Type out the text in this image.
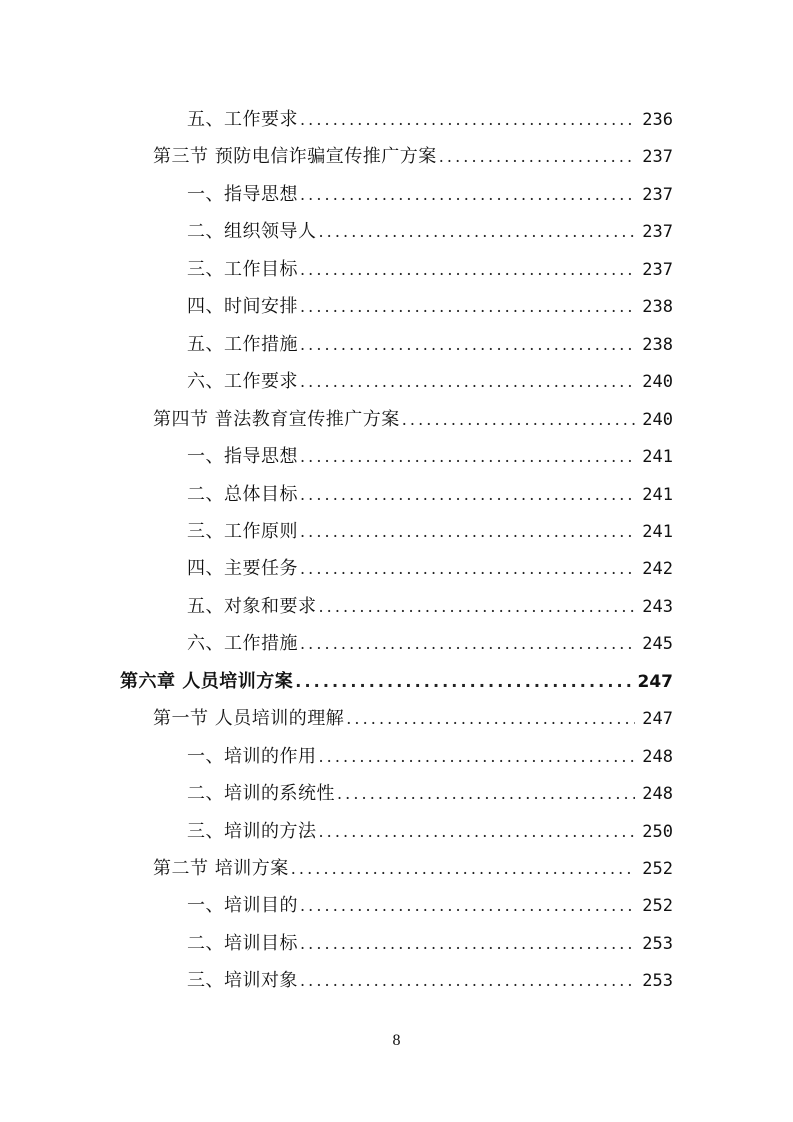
五、工作要求 .....	236
第三节 预防电信诈骗宣传推广方案 .....	237
一、指导思想 .....	237
二、组织领导人 .....	237
三、工作目标 .....	237
四、时间安排 .....	238
五、工作措施 .....	238
六、工作要求 .....	240
第四节 普法教育宣传推广方案 .....	240
一、指导思想 .....	241
二、总体目标 .....	241
三、工作原则 .....	241
四、主要任务 .....	242
五、对象和要求 .....	243
六、工作措施 .....	245
第六章 人员培训方案 .....	247
第一节 人员培训的理解 .....	247
一、培训的作用 .....	248
二、培训的系统性 .....	248
三、培训的方法 .....	250
第二节 培训方案 .....	252
一、培训目的 .....	252
二、培训目标 .....	253
三、培训对象 .....	253
8
